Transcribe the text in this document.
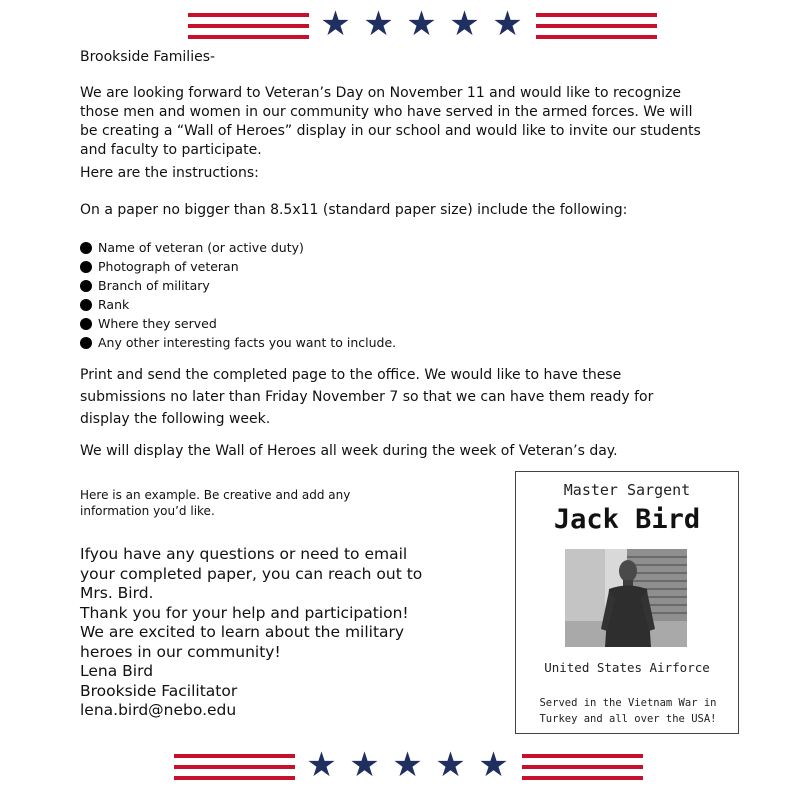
★ ★ ★ ★ ★

Brookside Families-

We are looking forward to Veteran’s Day on November 11 and would like to recognize those men and women in our community who have served in the armed forces. We will be creating a “Wall of Heroes” display in our school and would like to invite our students and faculty to participate.

Here are the instructions:

On a paper no bigger than 8.5x11 (standard paper size) include the following:

Name of veteran (or active duty)
Photograph of veteran
Branch of military
Rank
Where they served
Any other interesting facts you want to include.

Print and send the completed page to the office. We would like to have these submissions no later than Friday November 7 so that we can have them ready for display the following week.

We will display the Wall of Heroes all week during the week of Veteran’s day.

Here is an example. Be creative and add any information you’d like.

Ifyou have any questions or need to email
your completed paper, you can reach out to
Mrs. Bird.
Thank you for your help and participation!
We are excited to learn about the military
heroes in our community!
Lena Bird
Brookside Facilitator
lena.bird@nebo.edu
Master Sargent
Jack Bird
United States Airforce
Served in the Vietnam War in Turkey and all over the USA!
★ ★ ★ ★ ★
